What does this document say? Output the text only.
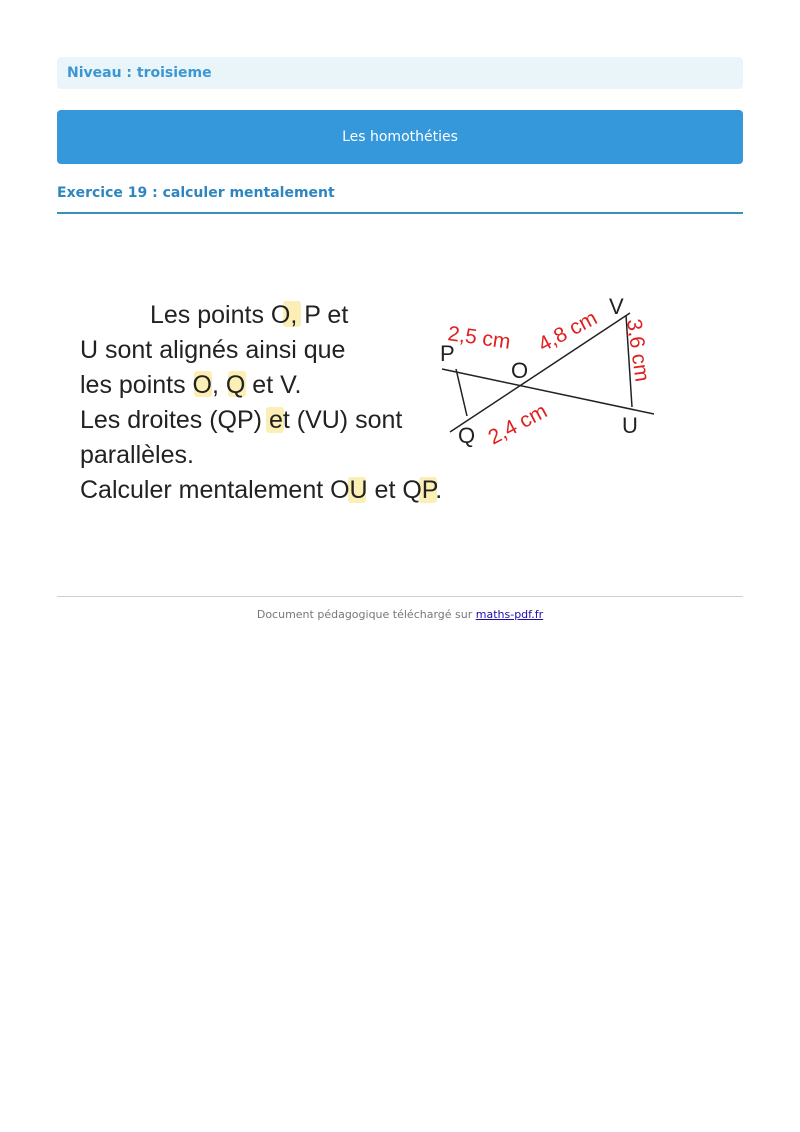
Niveau : troisieme
Les homothéties
Exercice 19 : calculer mentalement
Les points O, P et
U sont alignés ainsi que
les points O, Q et V.
Les droites (QP) et (VU) sont
parallèles.
Calculer mentalement OU et QP.
P
O
V
Q	U
2,5 cm 4,8 cm 3,6 cm
2,4 cm
Document pédagogique téléchargé sur maths-pdf.fr
